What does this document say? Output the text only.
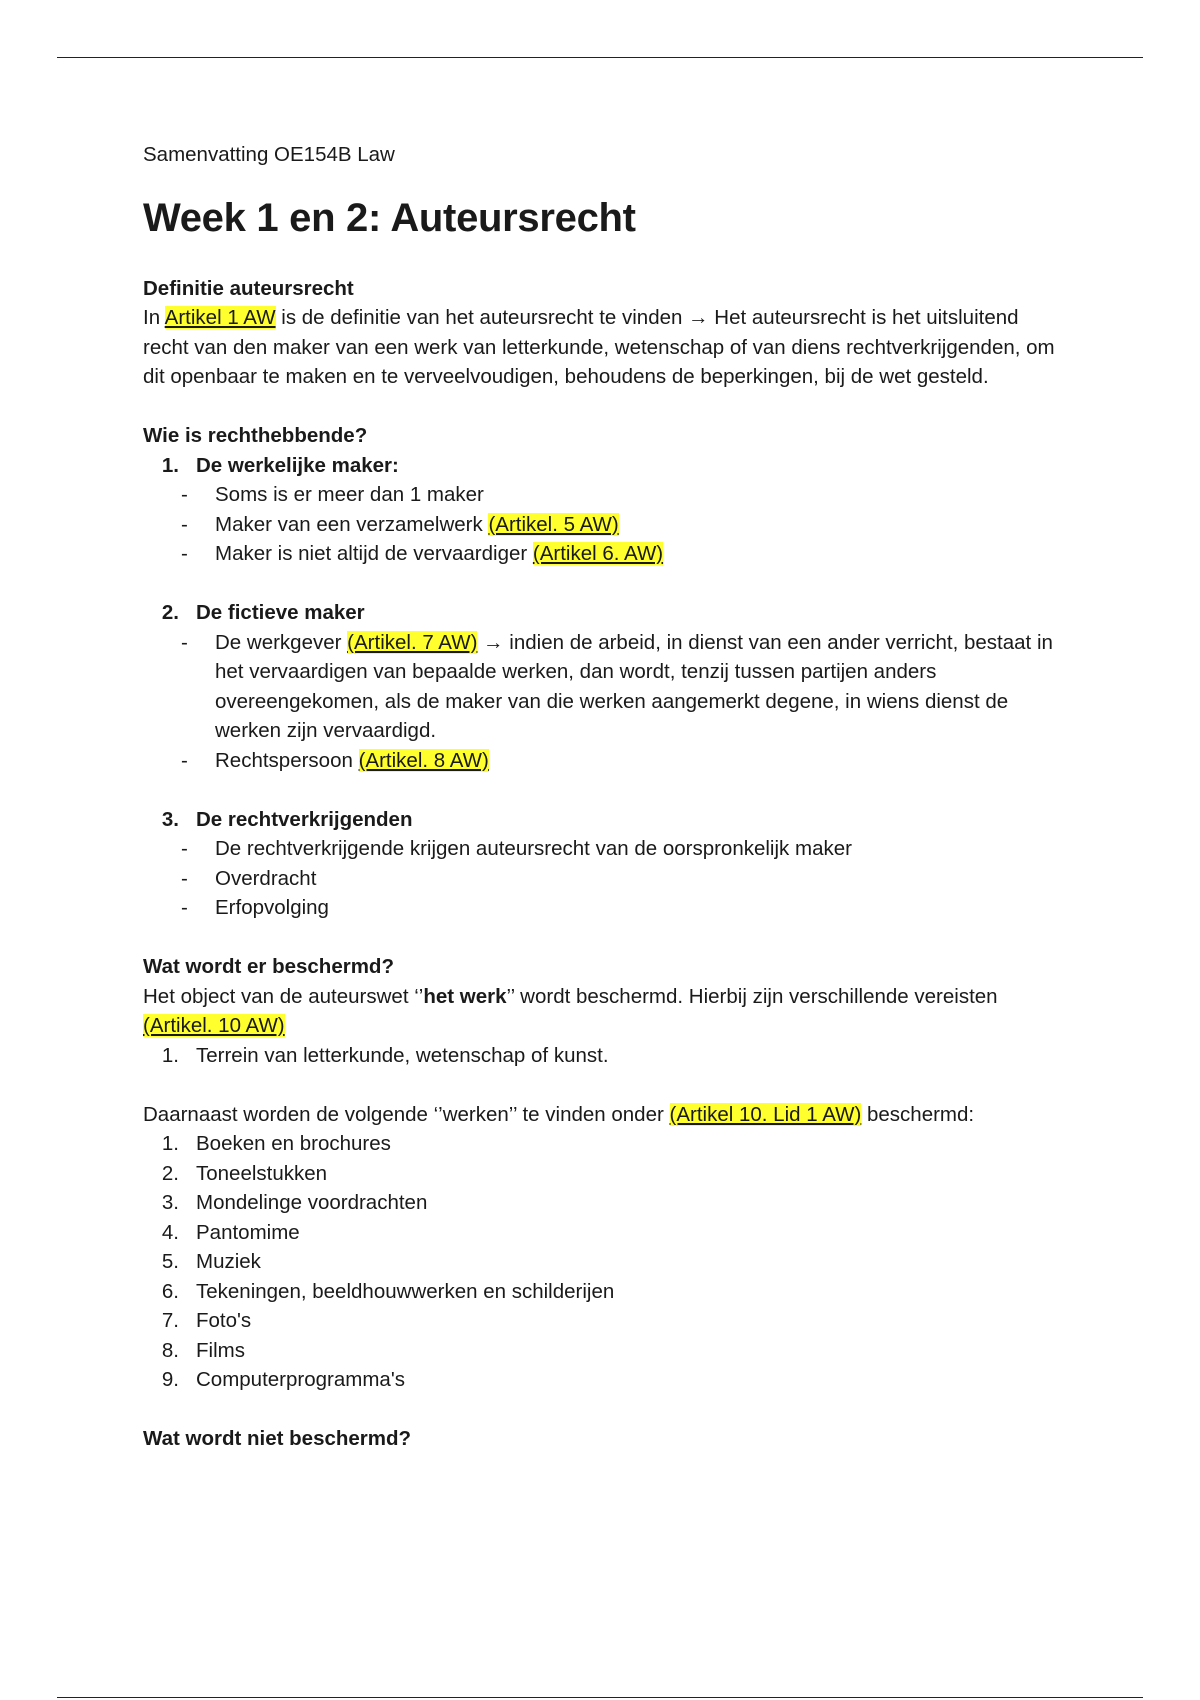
Samenvatting OE154B Law

Week 1 en 2: Auteursrecht

Definitie auteursrecht

In Artikel 1 AW is de definitie van het auteursrecht te vinden → Het auteursrecht is het uitsluitend recht van den maker van een werk van letterkunde, wetenschap of van diens rechtverkrijgenden, om dit openbaar te maken en te verveelvoudigen, behoudens de beperkingen, bij de wet gesteld.

Wie is rechthebbende?

1. De werkelijke maker:
-	Soms is er meer dan 1 maker
-	Maker van een verzamelwerk (Artikel. 5 AW)
-	Maker is niet altijd de vervaardiger (Artikel 6. AW)
2. De fictieve maker
-	De werkgever (Artikel. 7 AW) → indien de arbeid, in dienst van een ander verricht, bestaat in het vervaardigen van bepaalde werken, dan wordt, tenzij tussen partijen anders overeengekomen, als de maker van die werken aangemerkt degene, in wiens dienst de werken zijn vervaardigd.
-	Rechtspersoon (Artikel. 8 AW)
3. De rechtverkrijgenden
-	De rechtverkrijgende krijgen auteursrecht van de oorspronkelijk maker
-	Overdracht
-	Erfopvolging

Wat wordt er beschermd?

Het object van de auteurswet ‘’het werk’’ wordt beschermd. Hierbij zijn verschillende vereisten (Artikel. 10 AW)

1. Terrein van letterkunde, wetenschap of kunst.

Daarnaast worden de volgende ‘’werken’’ te vinden onder (Artikel 10. Lid 1 AW) beschermd:

1. Boeken en brochures
2. Toneelstukken
3. Mondelinge voordrachten
4. Pantomime
5. Muziek
6. Tekeningen, beeldhouwwerken en schilderijen
7. Foto's
8. Films
9. Computerprogramma's

Wat wordt niet beschermd?
